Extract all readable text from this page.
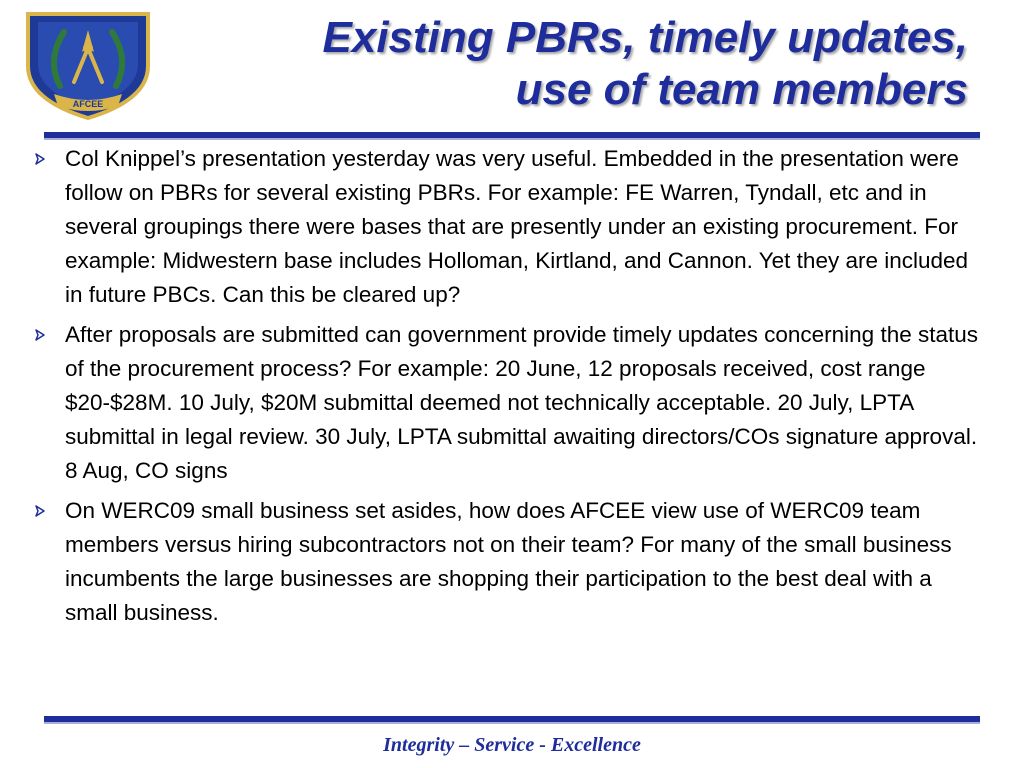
AFCEE
Existing PBRs, timely updates,
use of team members
Col Knippel’s presentation yesterday was very useful. Embedded in the presentation were follow on PBRs for several existing PBRs. For example: FE Warren, Tyndall, etc and in several groupings there were bases that are presently under an existing procurement. For example: Midwestern base includes Holloman, Kirtland, and Cannon. Yet they are included in future PBCs. Can this be cleared up?
After proposals are submitted can government provide timely updates concerning the status of the procurement process? For example: 20 June, 12 proposals received, cost range $20-$28M. 10 July, $20M submittal deemed not technically acceptable. 20 July, LPTA submittal in legal review. 30 July, LPTA submittal awaiting directors/COs signature approval. 8 Aug, CO signs
On WERC09 small business set asides, how does AFCEE view use of WERC09 team members versus hiring subcontractors not on their team? For many of the small business incumbents the large businesses are shopping their participation to the best deal with a small business.
Integrity – Service - Excellence
